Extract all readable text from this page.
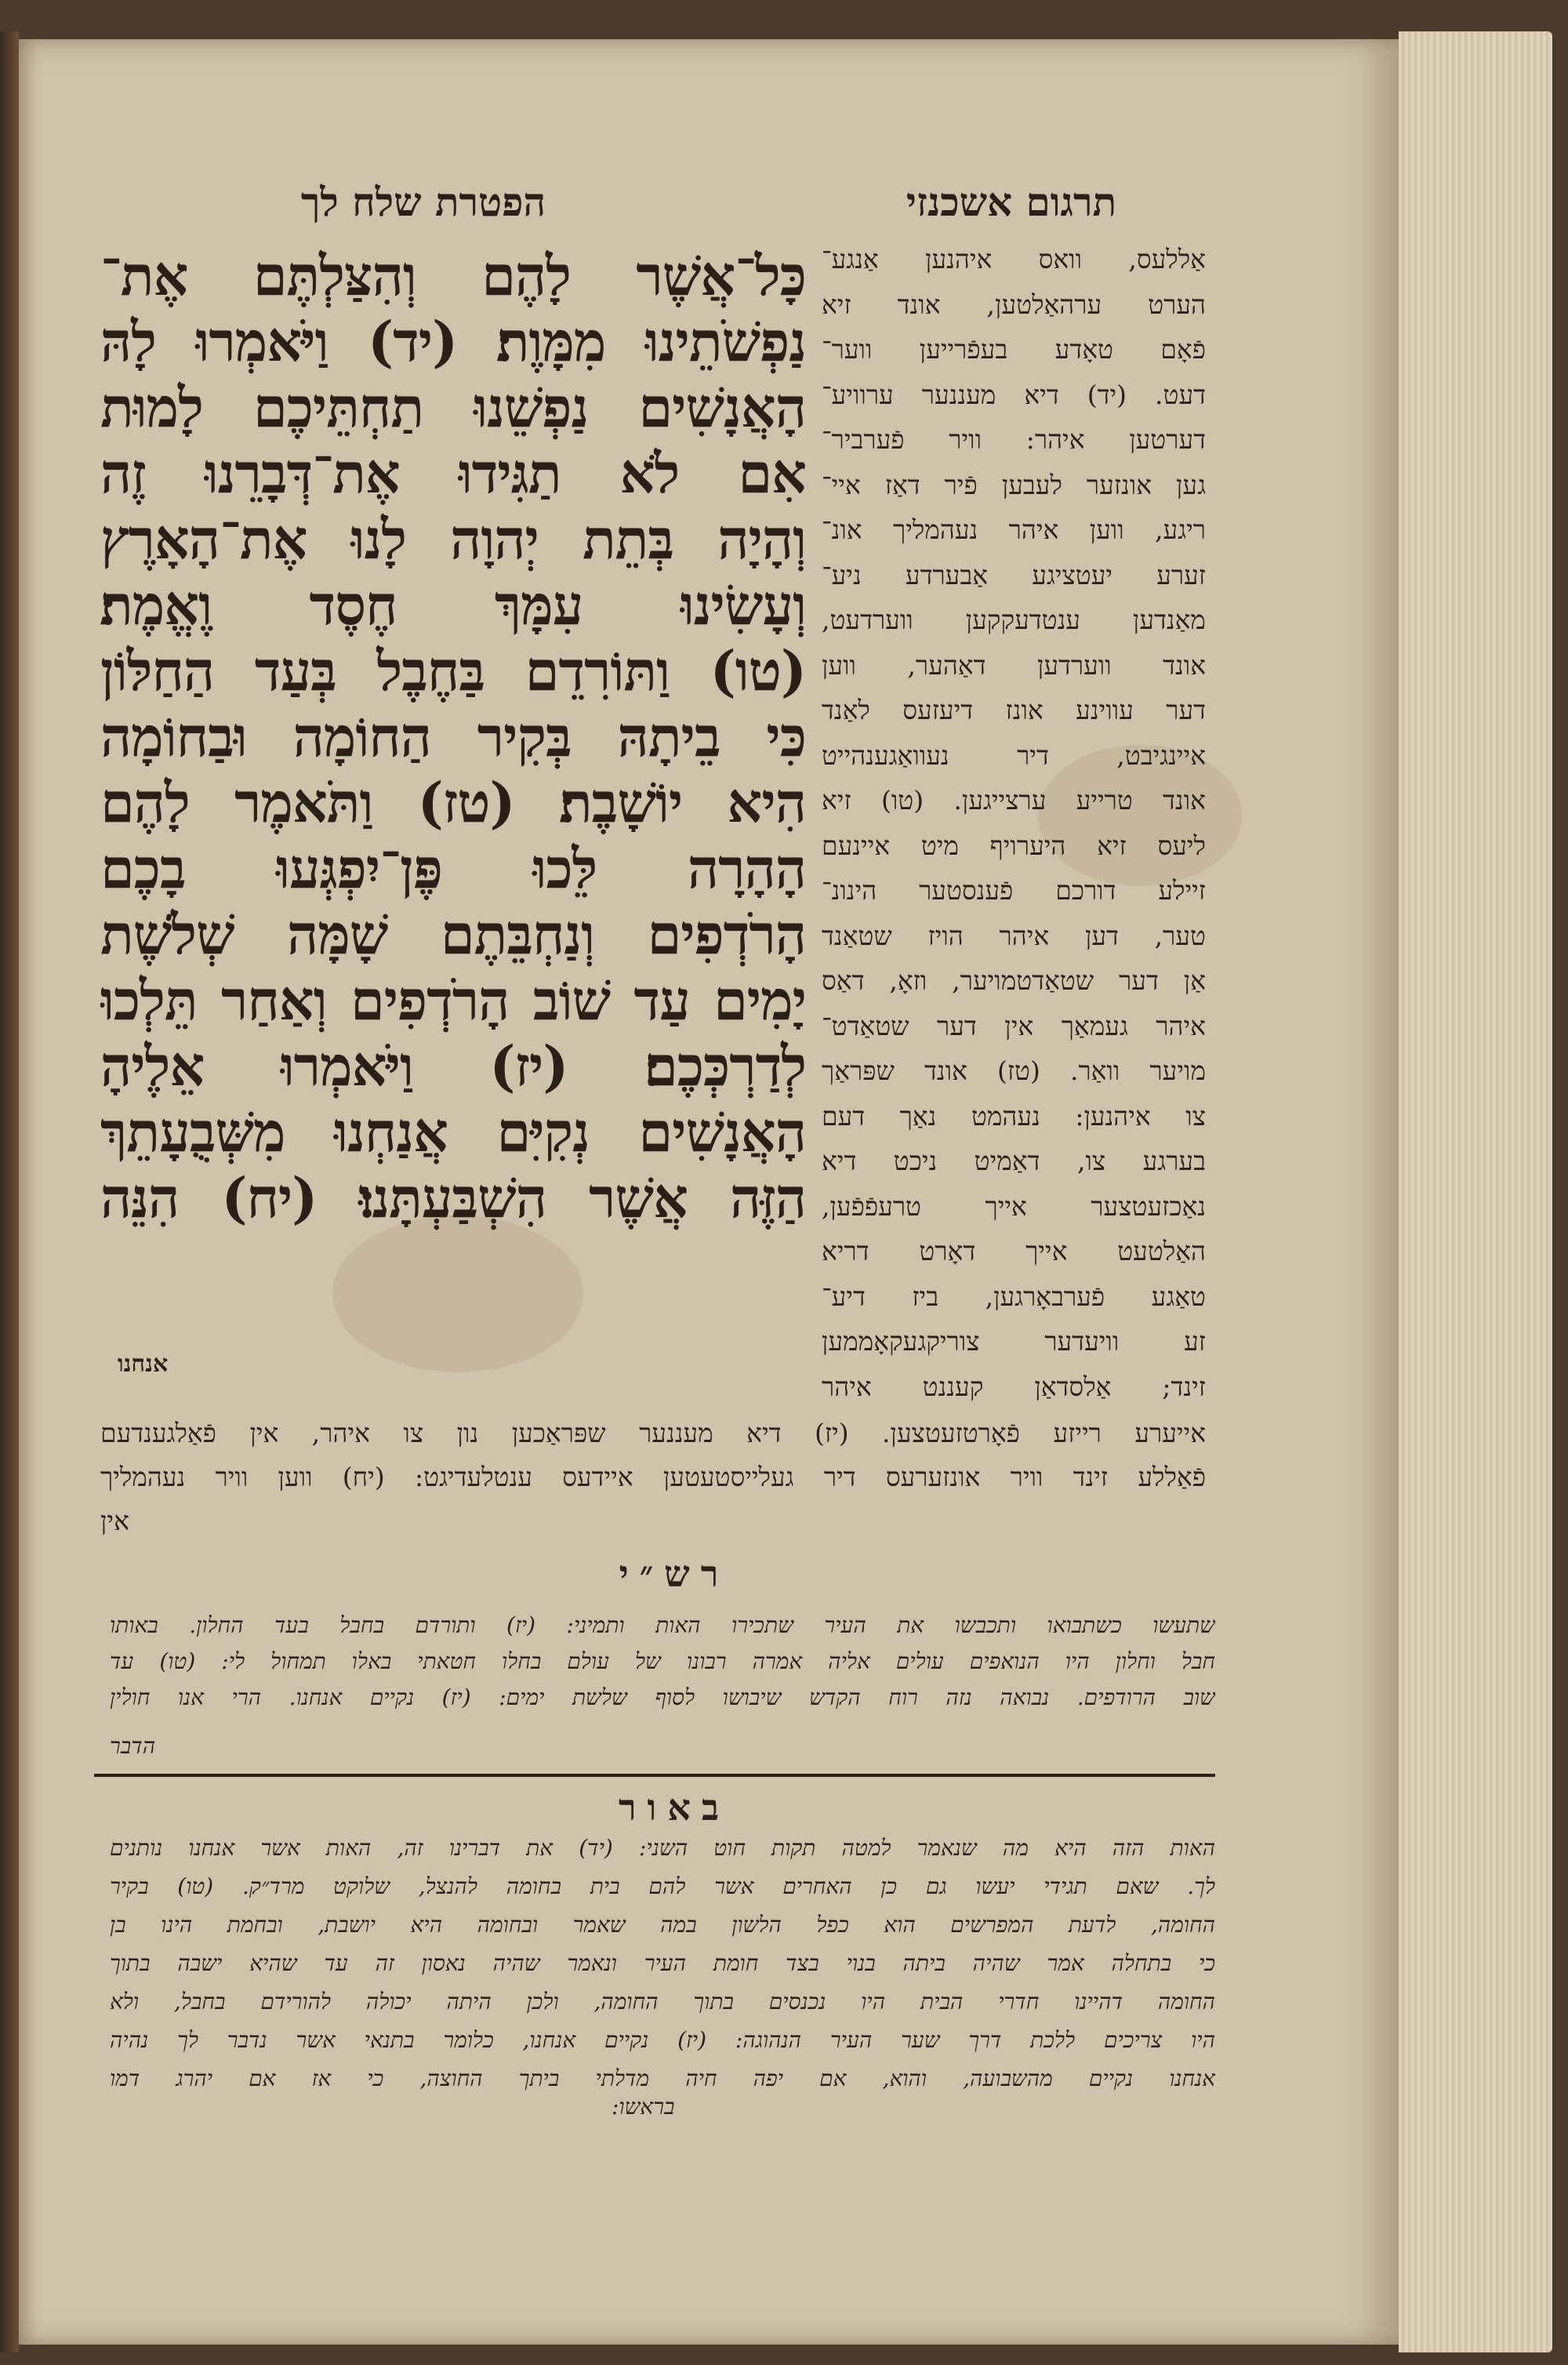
תרגום אשכנזי
הפטרת שלח לך
כָּל־אֲשֶׁר לָהֶם וְהִצַּלְתֶּם אֶת־
נַפְשֹׁתֵינוּ מִמָּוֶת׃ (יד) וַיֹּאמְרוּ לָהּ
הָאֲנָשִׁים נַפְשֵׁנוּ תַחְתֵּיכֶם לָמוּת
אִם לֹא תַגִּידוּ אֶת־דְּבָרֵנוּ זֶה
וְהָיָה בְּתֵת יְהוָה לָנוּ אֶת־הָאָרֶץ
וְעָשִׂינוּ עִמָּךְ חֶסֶד וֶאֱמֶת׃
(טו) וַתּוֹרִדֵם בַּחֶבֶל בְּעַד הַחַלּוֹן
כִּי בֵיתָהּ בְּקִיר הַחוֹמָה וּבַחוֹמָה
הִיא יוֹשָׁבֶת׃ (טז) וַתֹּאמֶר לָהֶם
הָהָרָה לֵּכוּ פֶּן־יִפְגְּעוּ בָכֶם
הָרֹדְפִים וְנַחְבֵּתֶם שָׁמָּה שְׁלֹשֶׁת
יָמִים עַד שׁוֹב הָרֹדְפִים וְאַחַר תֵּלְכוּ
לְדַרְכְּכֶם׃ (יז) וַיֹּאמְרוּ אֵלֶיהָ
הָאֲנָשִׁים נְקִיִּם אֲנַחְנוּ מִשְּׁבֻעָתֵךְ
הַזֶּה אֲשֶׁר הִשְׁבַּעְתָּנוּ׃ (יח) הִנֵּה
אנחנו
אַללעס, וואס איהנען אַנגע־
הערט ערהאַלטען, אונד זיא
פֿאָם טאָדע בעפֿרייען ווער־
דעט. (יד) דיא מעננער ערוויע־
דערטען איהר: וויר פֿערביר־
גען אונזער לעבען פֿיר דאַז איי־
ריגע, ווען איהר נעהמליך אונ־
זערע יעטציגע אַבערדע ניע־
מאַנדען ענטדעקקען ווערדעט,
אונד ווערדען דאַהער, ווען
דער עווינע אונז דיעזעס לאַנד
איינגיבט, דיר נעוואַגענהייט
אונד טרייע ערצייגען. (טו) זיא
ליעס זיא היערויף מיט איינעם
זיילע דורכם פֿענסטער הינונ־
טער, דען איהר הויז שטאַנד
אַן דער שטאַדטמויער, וזאָ, דאַס
איהר געמאַך אין דער שטאַדט־
מויער וואַר. (טז) אונד שפּראַך
צו איהנען: נעהמט נאַך דעם
בערגע צו, דאַמיט ניכט דיא
נאַכזעטצער אייך טרעפֿפֿען,
האַלטעט אייך דאָרט דריא
טאַגע פֿערבאָרגען, ביז דיע־
זע וויעדער צוריקגעקאָממען
זינד; אַלסדאַן קעננט איהר
אייערע רייזע פֿאָרטזעטצען. (יז) דיא מעננער שפּראַכען נון צו איהר, אין פֿאַלגענדעם
פֿאַללע זינד וויר אונזערעס דיר געלייסטעטען איידעס ענטלעדיגט: (יח) ווען וויר נעהמליך
אין
רש״י
שתעשו כשתבואו ותכבשו את העיר שתכירו האות ותמיני: (יז) ותורדם בחבל בעד החלון. באותו
חבל וחלון היו הנואפים עולים אליה אמרה רבונו של עולם בחלו חטאתי באלו תמחול לי: (טו) עד
שוב הרודפים. נבואה נזה רוח הקדש שיבושו לסוף שלשת ימים: (יז) נקיים אנחנו. הרי אנו חולין
הדבר
באור
האות הזה היא מה שנאמר למטה תקות חוט השני: (יד) את דברינו זה, האות אשר אנחנו נותנים
לך. שאם תגידי יעשו גם כן האחרים אשר להם בית בחומה להנצל, שלוקט מרד״ק. (טו) בקיר
החומה, לדעת המפרשים הוא כפל הלשון במה שאמר ובחומה היא יושבת, ובחמת הינו בן
כי בתחלה אמר שהיה ביתה בנוי בצד חומת העיר ונאמר שהיה נאסון זה עד שהיא ישבה בתוך
החומה דהיינו חדרי הבית היו נכנסים בתוך החומה, ולכן היתה יכולה להורידם בחבל, ולא
היו צריכים ללכת דרך שער העיר הנהוגה: (יז) נקיים אנחנו, כלומר בתנאי אשר נדבר לך נהיה
אנחנו נקיים מהשבועה, והוא, אם יפה חיה מדלתי ביתך החוצה, כי אז אם יהרג דמו
בראשו:
